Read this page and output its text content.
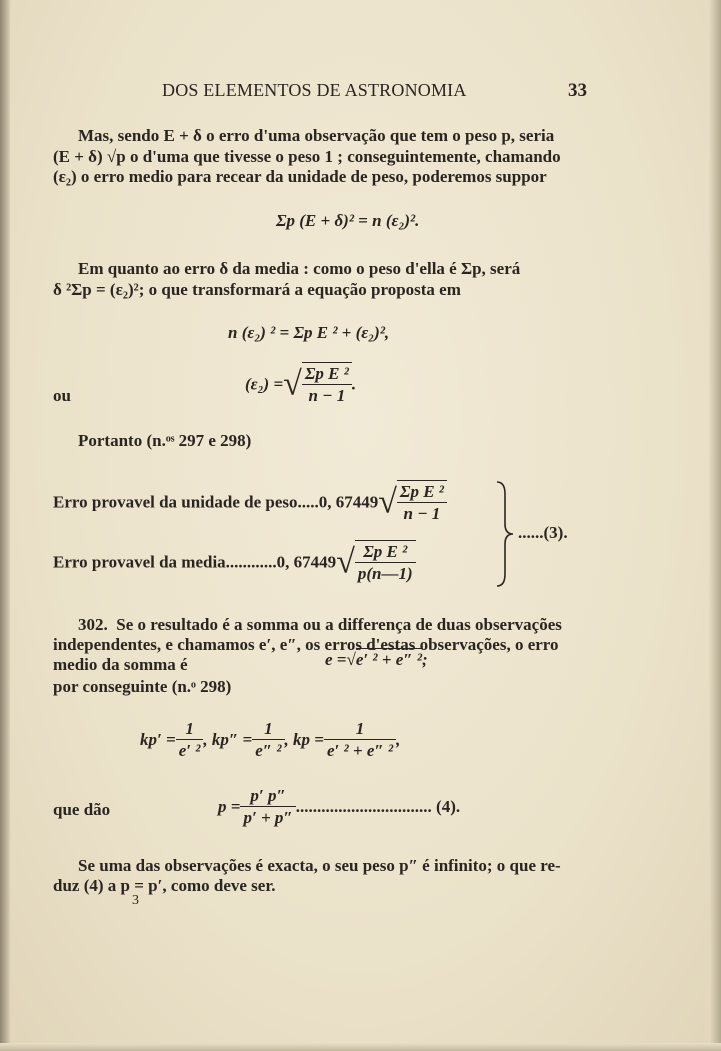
DOS ELEMENTOS DE ASTRONOMIA	33
Mas, sendo E + δ o erro d'uma observação que tem o peso p, seria
(E + δ) √p o d'uma que tivesse o peso 1 ; conseguintemente, chamando
(ε₂) o erro medio para recear da unidade de peso, poderemos suppor
Σp (E + δ)² = n (ε₂)².
Em quanto ao erro δ da media : como o peso d'ella é Σp, será
δ ²Σp = (ε₂)²; o que transformará a equação proposta em
n (ε₂) ² = Σp E ² + (ε₂)²,
ou
(ε₂) =√ $\frac{\text{Σp E ²}}{n - 1}$ .
Portanto (n.ᵒˢ 297 e 298)
Erro provavel da unidade de peso.....0, $67449√ \frac{\text{Σp E ²}}{n - 1}$
Erro provavel da media............0, $67449√ \frac{\text{Σp E ²}}{p(n—1)}$
......(3).
302. Se o resultado é a somma ou a differença de duas observações
independentes, e chamamos e′, e″, os erros d'estas observações, o erro
medio da somma é	e =√e′ ² + e″ ²;
por conseguinte (n.ᵒ 298)
$kp' = \frac{1}{\text{e′ ²}}$ , $kp'' = \frac{1}{\text{e″ ²}}$ , kp = $\frac{1}{\text{e′ ² + e″ ²}}$ ,
que dão	$p = \frac{p' p''}{p' + p''}$ ................................ (4).
Se uma das observações é exacta, o seu peso p″ é infinito; o que re-
duz (4) a p = p′, como deve ser.
3
